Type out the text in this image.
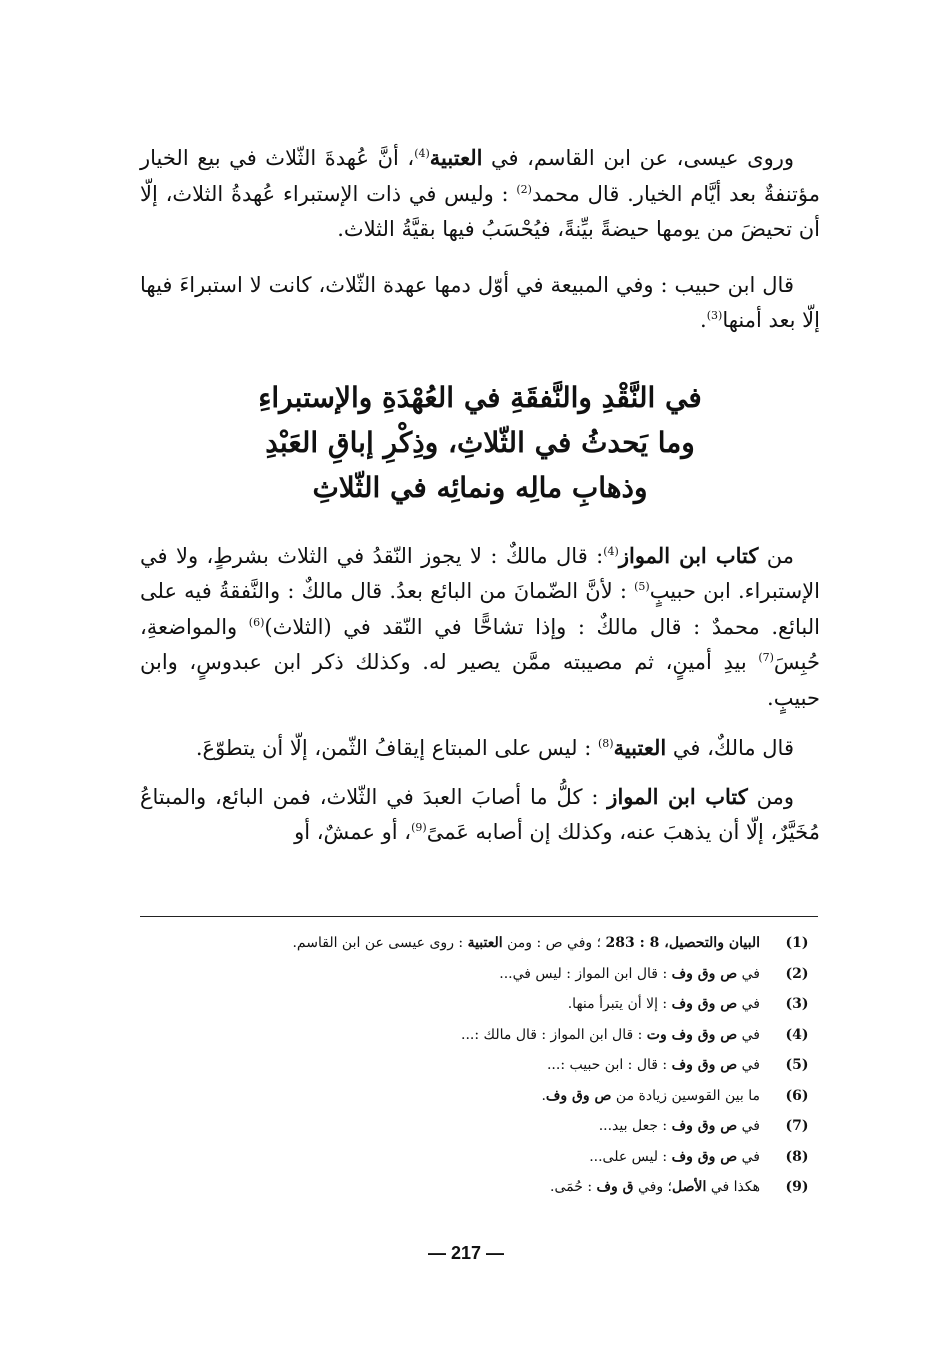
وروى عيسى، عن ابن القاسم، في العتبية$^{(4)}$، أنَّ عُهدةَ الثّلاث في بيع الخيار مؤتنفةٌ بعد أيَّام الخيار. قال محمد$^{(2)}$ : وليس في ذات الإستبراء عُهدةُ الثلاث، إلّا أن تحيضَ من يومها حيضةً بيِّنةً، فيُحْسَبُ فيها بقيَّةُ الثلاث.

قال ابن حبيب : وفي المبيعة في أوّل دمها عهدة الثّلاث، كانت لا استبراءَ فيها إلّا بعد أمنها$^{(3)}$.

في النَّقْدِ والنَّفقَةِ في العُهْدَةِ والإستبراءِ
وما يَحدثُ في الثّلاثِ، وذِكْرِ إباقِ العَبْدِ
وذهابِ مالِه ونمائِه في الثّلاثِ

من كتاب ابن المواز$^{(4)}$: قال مالكٌ : لا يجوز النّقدُ في الثلاث بشرطٍ، ولا في الإستبراء. ابن حبيبٍ$^{(5)}$ : لأنَّ الضّمانَ من البائع بعدُ. قال مالكٌ : والنَّفقةُ فيه على البائع. محمدٌ : قال مالكٌ : وإذا تشاحًّا في النّقد في (الثلاث)$^{(6)}$ والمواضعةِ، حُبِسَ$^{(7)}$ بيدِ أمينٍ، ثم مصيبته ممَّن يصير له. وكذلك ذكر ابن عبدوسٍ، وابن حبيبٍ.

قال مالكٌ، في العتبية$^{(8)}$ : ليس على المبتاع إيقافُ الثّمن، إلّا أن يتطوّعَ.

ومن كتاب ابن المواز : كلُّ ما أصابَ العبدَ في الثّلاث، فمن البائع، والمبتاعُ مُخَيَّرٌ، إلّا أن يذهبَ عنه، وكذلك إن أصابه عَمىً$^{(9)}$، أو عمشٌ، أو

(1)
البيان والتحصيل، 8 : 283 ؛ وفي ص : ومن العتبية : روى عيسى عن ابن القاسم.
(2)
في ص وق وف : قال ابن المواز : ليس في...
(3)
في ص وق وف : إلا أن يتبرأ منها.
(4)
في ص وق وف وت : قال ابن المواز : قال مالك :...
(5)
في ص وق وف : قال : ابن حبيب :...
(6)
ما بين القوسين زيادة من ص وق وف.
(7)
في ص وق وف : جعل بيد...
(8)
في ص وق وف : ليس على...
(9)
هكذا في الأصل؛ وفي ق وف : حُمَى.
— 217 —
